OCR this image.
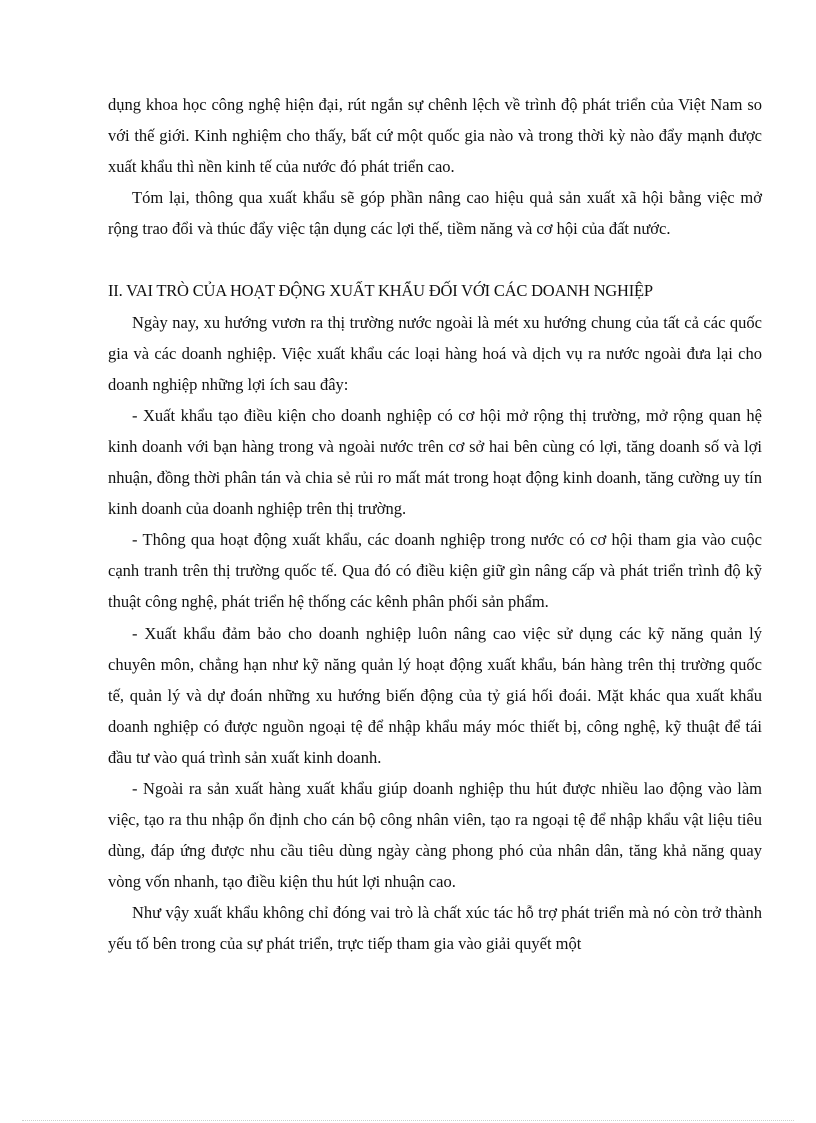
dụng khoa học công nghệ hiện đại, rút ngắn sự chênh lệch về trình độ phát triển của Việt Nam so với thế giới. Kinh nghiệm cho thấy, bất cứ một quốc gia nào và trong thời kỳ nào đẩy mạnh được xuất khẩu thì nền kinh tế của nước đó phát triển cao.

Tóm lại, thông qua xuất khẩu sẽ góp phần nâng cao hiệu quả sản xuất xã hội bằng việc mở rộng trao đổi và thúc đẩy việc tận dụng các lợi thế, tiềm năng và cơ hội của đất nước.

II. VAI TRÒ CỦA HOẠT ĐỘNG XUẤT KHẨU ĐỐI VỚI CÁC DOANH NGHIỆP

Ngày nay, xu hướng vươn ra thị trường nước ngoài là mét xu hướng chung của tất cả các quốc gia và các doanh nghiệp. Việc xuất khẩu các loại hàng hoá và dịch vụ ra nước ngoài đưa lại cho doanh nghiệp những lợi ích sau đây:

- Xuất khẩu tạo điều kiện cho doanh nghiệp có cơ hội mở rộng thị trường, mở rộng quan hệ kinh doanh với bạn hàng trong và ngoài nước trên cơ sở hai bên cùng có lợi, tăng doanh số và lợi nhuận, đồng thời phân tán và chia sẻ rủi ro mất mát trong hoạt động kinh doanh, tăng cường uy tín kinh doanh của doanh nghiệp trên thị trường.

- Thông qua hoạt động xuất khẩu, các doanh nghiệp trong nước có cơ hội tham gia vào cuộc cạnh tranh trên thị trường quốc tế. Qua đó có điều kiện giữ gìn nâng cấp và phát triển trình độ kỹ thuật công nghệ, phát triển hệ thống các kênh phân phối sản phẩm.

- Xuất khẩu đảm bảo cho doanh nghiệp luôn nâng cao việc sử dụng các kỹ năng quản lý chuyên môn, chẳng hạn như kỹ năng quản lý hoạt động xuất khẩu, bán hàng trên thị trường quốc tế, quản lý và dự đoán những xu hướng biến động của tỷ giá hối đoái. Mặt khác qua xuất khẩu doanh nghiệp có được nguồn ngoại tệ để nhập khẩu máy móc thiết bị, công nghệ, kỹ thuật để tái đầu tư vào quá trình sản xuất kinh doanh.

- Ngoài ra sản xuất hàng xuất khẩu giúp doanh nghiệp thu hút được nhiều lao động vào làm việc, tạo ra thu nhập ổn định cho cán bộ công nhân viên, tạo ra ngoại tệ để nhập khẩu vật liệu tiêu dùng, đáp ứng được nhu cầu tiêu dùng ngày càng phong phó của nhân dân, tăng khả năng quay vòng vốn nhanh, tạo điều kiện thu hút lợi nhuận cao.

Như vậy xuất khẩu không chỉ đóng vai trò là chất xúc tác hỗ trợ phát triển mà nó còn trở thành yếu tố bên trong của sự phát triển, trực tiếp tham gia vào giải quyết một
